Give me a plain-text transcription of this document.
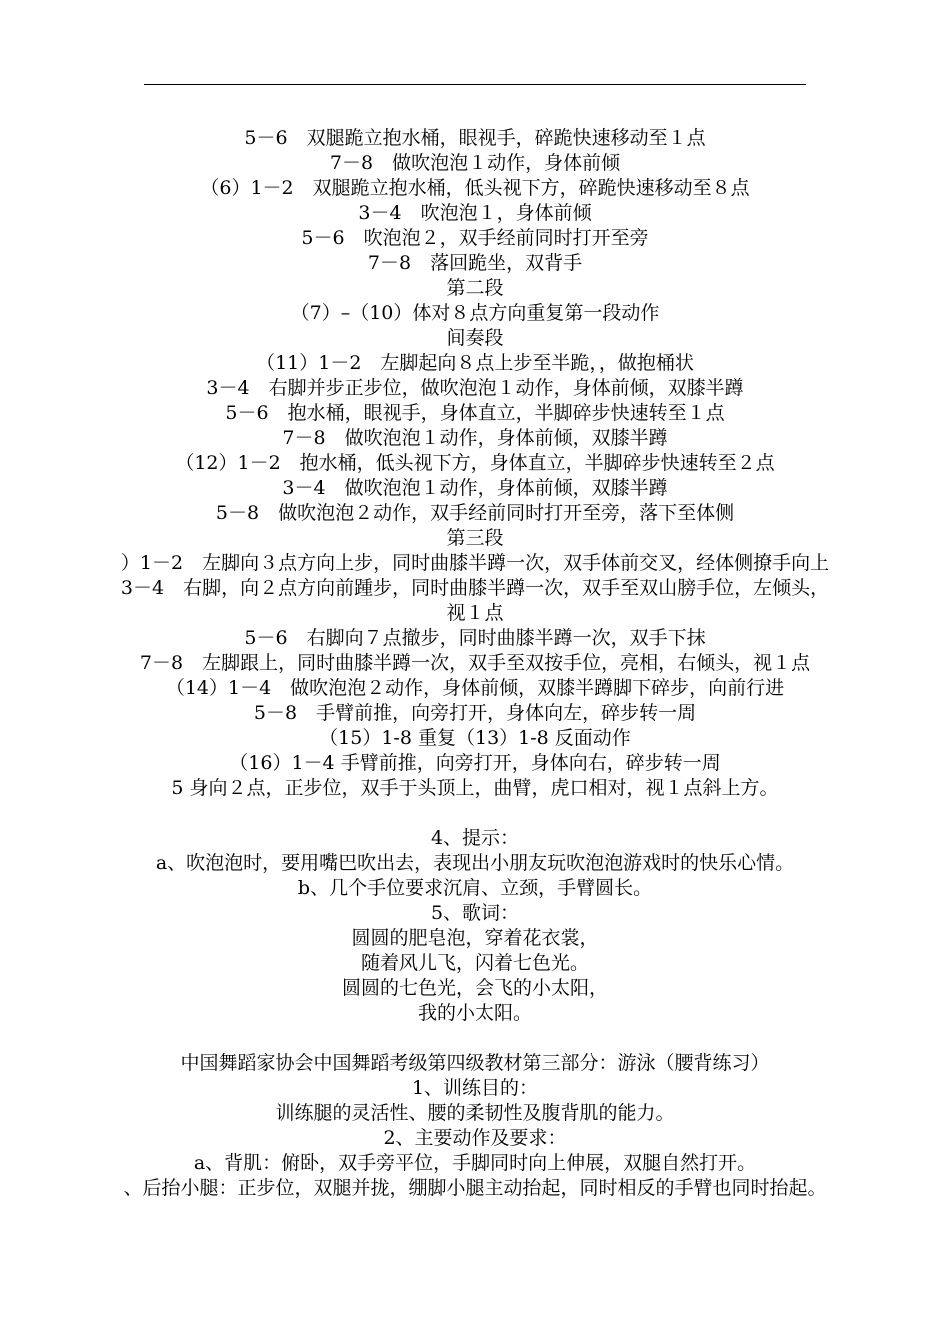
5－6　双腿跪立抱水桶，眼视手，碎跪快速移动至１点
7－8　做吹泡泡１动作，身体前倾
（6）1－2　双腿跪立抱水桶，低头视下方，碎跪快速移动至８点
3－4　吹泡泡１，身体前倾
5－6　吹泡泡２，双手经前同时打开至旁
7－8　落回跪坐，双背手
第二段
（7）–（10）体对８点方向重复第一段动作
间奏段
（11）1－2　左脚起向８点上步至半跪，，做抱桶状
3－4　右脚并步正步位，做吹泡泡１动作，身体前倾，双膝半蹲
5－6　抱水桶，眼视手，身体直立，半脚碎步快速转至１点
7－8　做吹泡泡１动作，身体前倾，双膝半蹲
（12）1－2　抱水桶，低头视下方，身体直立，半脚碎步快速转至２点
3－4　做吹泡泡１动作，身体前倾，双膝半蹲
5－8　做吹泡泡２动作，双手经前同时打开至旁，落下至体侧
第三段
）1－2　左脚向３点方向上步，同时曲膝半蹲一次，双手体前交叉，经体侧撩手向上
3－4　右脚，向２点方向前踵步，同时曲膝半蹲一次，双手至双山膀手位，左倾头，
视１点
5－6　右脚向７点撤步，同时曲膝半蹲一次，双手下抹
7－8　左脚跟上，同时曲膝半蹲一次，双手至双按手位，亮相，右倾头，视１点
（14）1－4　做吹泡泡２动作，身体前倾，双膝半蹲脚下碎步，向前行进
5－8　手臂前推，向旁打开，身体向左，碎步转一周
（15）1-8 重复（13）1-8 反面动作
（16）1－4 手臂前推，向旁打开，身体向右，碎步转一周
5 身向２点，正步位，双手于头顶上，曲臂，虎口相对，视１点斜上方。
4、提示：
a、吹泡泡时，要用嘴巴吹出去，表现出小朋友玩吹泡泡游戏时的快乐心情。
b、几个手位要求沉肩、立颈，手臂圆长。
5、歌词：
圆圆的肥皂泡，穿着花衣裳，
随着风儿飞，闪着七色光。
圆圆的七色光，会飞的小太阳，
我的小太阳。
中国舞蹈家协会中国舞蹈考级第四级教材第三部分：游泳（腰背练习）
1、训练目的：
训练腿的灵活性、腰的柔韧性及腹背肌的能力。
2、主要动作及要求：
a、背肌：俯卧，双手旁平位，手脚同时向上伸展，双腿自然打开。
、后抬小腿：正步位，双腿并拢，绷脚小腿主动抬起，同时相反的手臂也同时抬起。
